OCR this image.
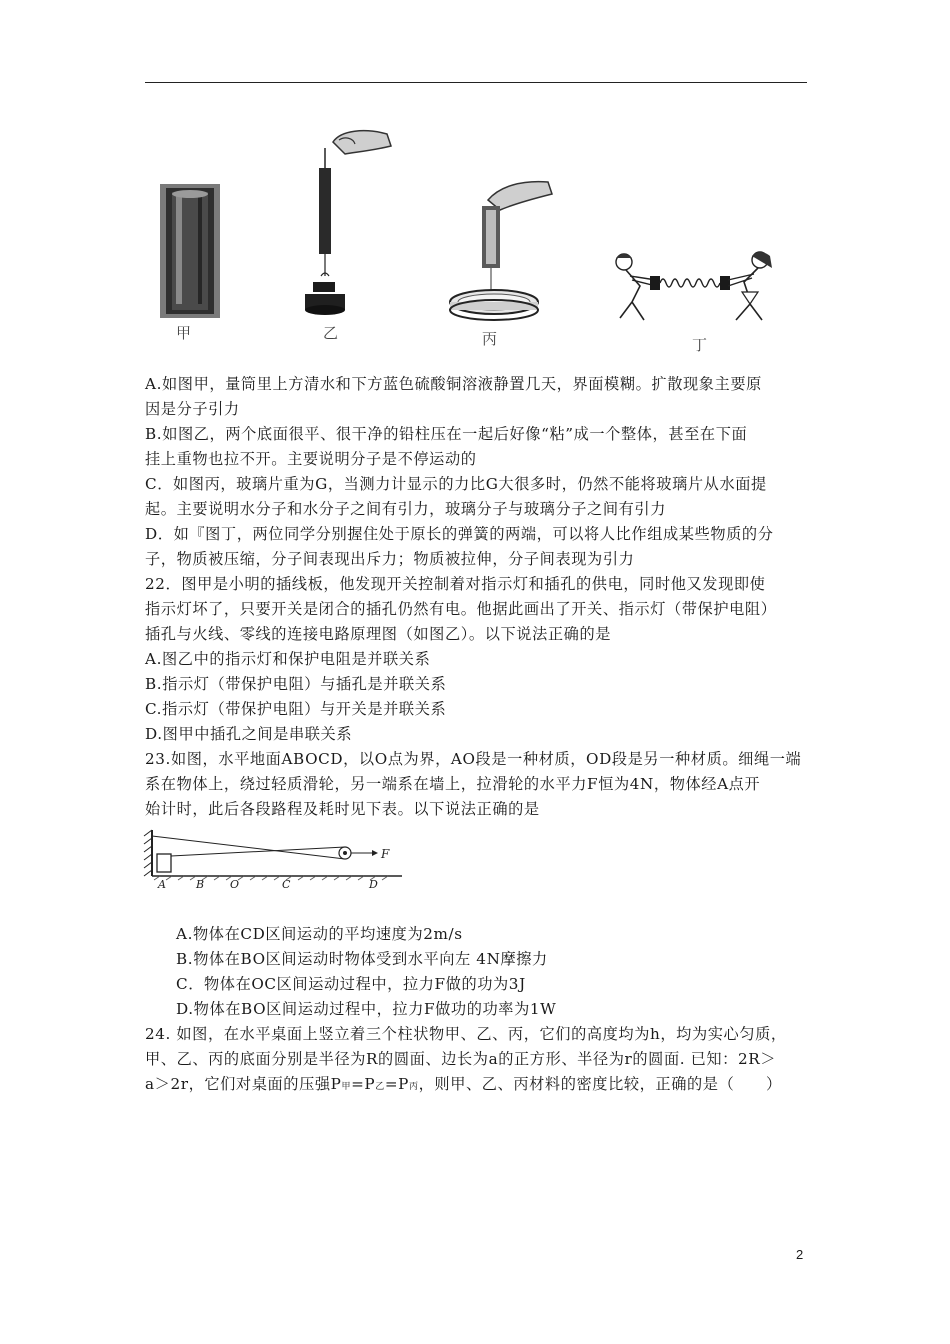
甲	乙	丙	丁
A.如图甲，量筒里上方清水和下方蓝色硫酸铜溶液静置几天，界面模糊。扩散现象主要原
因是分子引力
B.如图乙，两个底面很平、很干净的铅柱压在一起后好像“粘”成一个整体，甚至在下面
挂上重物也拉不开。主要说明分子是不停运动的
C．如图丙，玻璃片重为G，当测力计显示的力比G大很多时，仍然不能将玻璃片从水面提
起。主要说明水分子和水分子之间有引力，玻璃分子与玻璃分子之间有引力
D．如『图丁，两位同学分别握住处于原长的弹簧的两端，可以将人比作组成某些物质的分
子，物质被压缩，分子间表现出斥力；物质被拉伸，分子间表现为引力
22．图甲是小明的插线板，他发现开关控制着对指示灯和插孔的供电，同时他又发现即使
指示灯坏了，只要开关是闭合的插孔仍然有电。他据此画出了开关、指示灯（带保护电阻）
插孔与火线、零线的连接电路原理图（如图乙）。以下说法正确的是
A.图乙中的指示灯和保护电阻是并联关系
B.指示灯（带保护电阻）与插孔是并联关系
C.指示灯（带保护电阻）与开关是并联关系
D.图甲中插孔之间是串联关系
23.如图，水平地面ABOCD，以O点为界，AO段是一种材质，OD段是另一种材质。细绳一端
系在物体上，绕过轻质滑轮，另一端系在墙上，拉滑轮的水平力F恒为4N，物体经A点开
始计时，此后各段路程及耗时见下表。以下说法正确的是
F
A	B O	C	D
A.物体在CD区间运动的平均速度为2m/s
B.物体在BO区间运动时物体受到水平向左 4N摩擦力
C．物体在OC区间运动过程中，拉力F做的功为3J
D.物体在BO区间运动过程中，拉力F做功的功率为1W
24. 如图，在水平桌面上竖立着三个柱状物甲、乙、丙，它们的高度均为h，均为实心匀质，
甲、乙、丙的底面分别是半径为R的圆面、边长为a的正方形、半径为r的圆面. 已知：2R＞
a＞2r，它们对桌面的压强P甲=P乙=P丙，则甲、乙、丙材料的密度比较，正确的是（　　）
2
